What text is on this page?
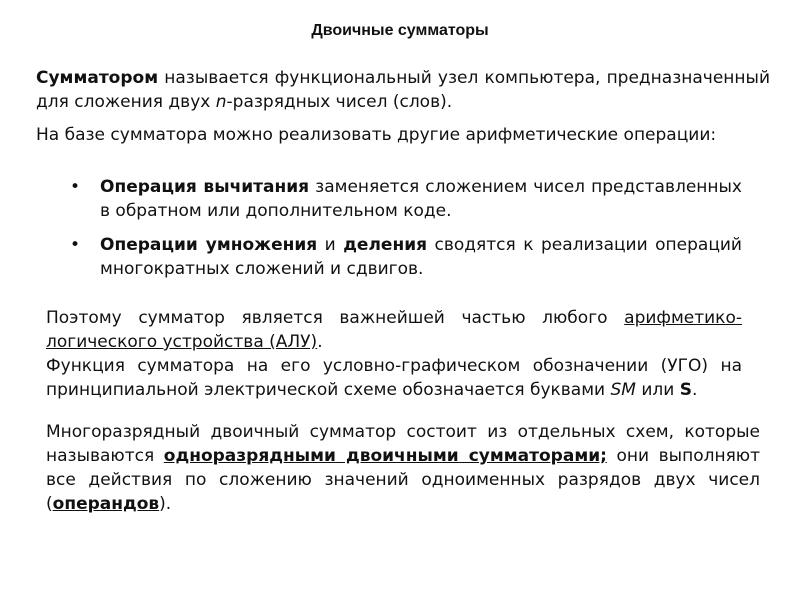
Двоичные сумматоры
Сумматором называется функциональный узел компьютера, предназначенный для сложения двух n-разрядных чисел (слов).
На базе сумматора можно реализовать другие арифметические операции:
• Операция вычитания заменяется сложением чисел представленных в обратном или дополнительном коде.
• Операции умножения и деления сводятся к реализации операций многократных сложений и сдвигов.
Поэтому сумматор является важнейшей частью любого арифметико-логического устройства (АЛУ).
Функция сумматора на его условно-графическом обозначении (УГО) на принципиальной электрической схеме обозначается буквами SM или S.
Многоразрядный двоичный сумматор состоит из отдельных схем, которые называются одноразрядными двоичными сумматорами; они выполняют все действия по сложению значений одноименных разрядов двух чисел (операндов).
